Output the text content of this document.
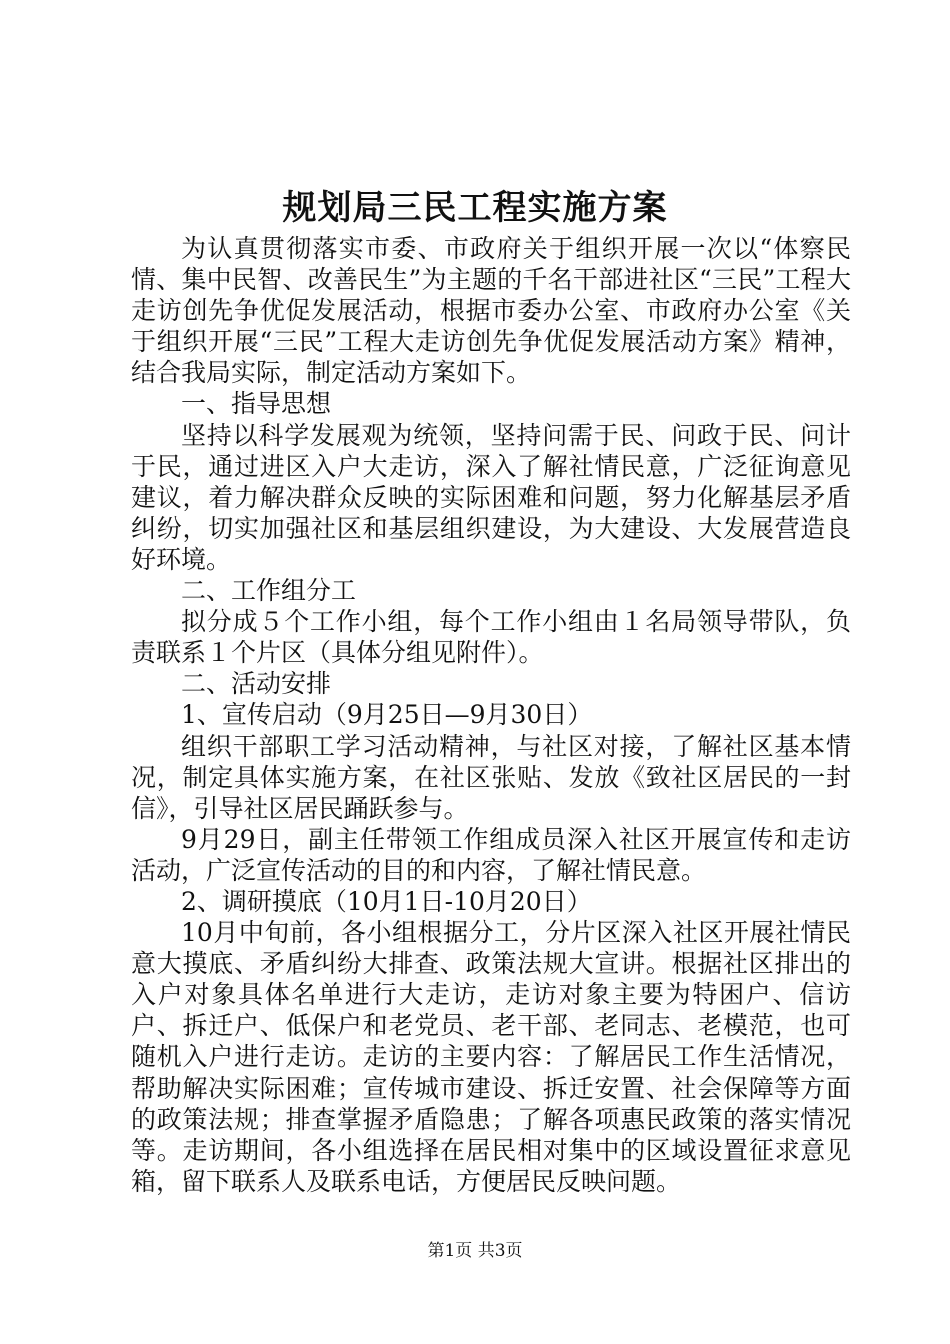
规划局三民工程实施方案

为认真贯彻落实市委、市政府关于组织开展一次以“体察民情、集中民智、改善民生”为主题的千名干部进社区“三民”工程大走访创先争优促发展活动，根据市委办公室、市政府办公室《关于组织开展“三民”工程大走访创先争优促发展活动方案》精神，结合我局实际，制定活动方案如下。

一、指导思想

坚持以科学发展观为统领，坚持问需于民、问政于民、问计于民，通过进区入户大走访，深入了解社情民意，广泛征询意见建议，着力解决群众反映的实际困难和问题，努力化解基层矛盾纠纷，切实加强社区和基层组织建设，为大建设、大发展营造良好环境。

二、工作组分工

拟分成５个工作小组，每个工作小组由１名局领导带队，负责联系１个片区（具体分组见附件）。

二、活动安排

1、宣传启动（9月25日—9月30日）

组织干部职工学习活动精神，与社区对接，了解社区基本情况，制定具体实施方案，在社区张贴、发放《致社区居民的一封信》，引导社区居民踊跃参与。

9月29日，副主任带领工作组成员深入社区开展宣传和走访活动，广泛宣传活动的目的和内容，了解社情民意。

2、调研摸底（10月1日-10月20日）

10月中旬前，各小组根据分工，分片区深入社区开展社情民意大摸底、矛盾纠纷大排查、政策法规大宣讲。根据社区排出的入户对象具体名单进行大走访，走访对象主要为特困户、信访户、拆迁户、低保户和老党员、老干部、老同志、老模范，也可随机入户进行走访。走访的主要内容：了解居民工作生活情况，帮助解决实际困难；宣传城市建设、拆迁安置、社会保障等方面的政策法规；排查掌握矛盾隐患；了解各项惠民政策的落实情况等。走访期间，各小组选择在居民相对集中的区域设置征求意见箱，留下联系人及联系电话，方便居民反映问题。

第1页 共3页
